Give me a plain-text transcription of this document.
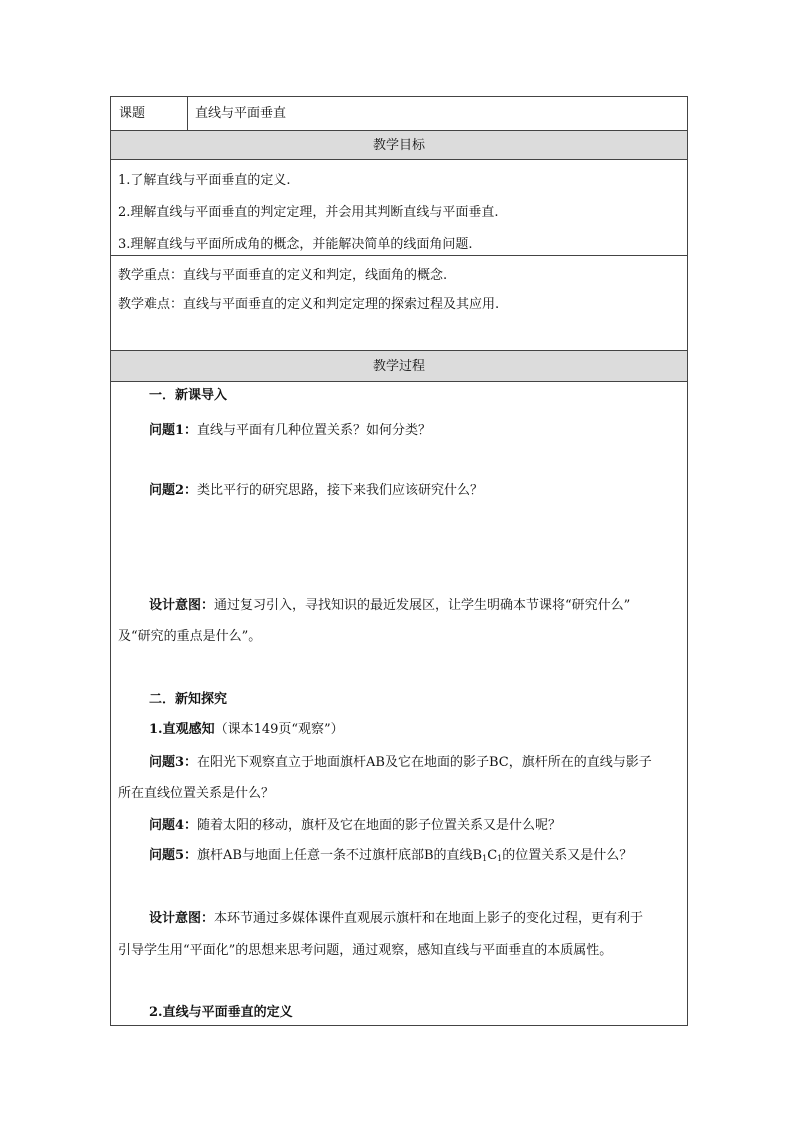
课题	直线与平面垂直
教学目标
1.了解直线与平面垂直的定义.
2.理解直线与平面垂直的判定定理，并会用其判断直线与平面垂直.
3.理解直线与平面所成角的概念，并能解决简单的线面角问题.
教学重点：直线与平面垂直的定义和判定，线面角的概念.
教学难点：直线与平面垂直的定义和判定定理的探索过程及其应用.
教学过程
一．新课导入
问题1：直线与平面有几种位置关系？如何分类？
问题2：类比平行的研究思路，接下来我们应该研究什么？
设计意图：通过复习引入，寻找知识的最近发展区，让学生明确本节课将“研究什么”
及“研究的重点是什么”。
二．新知探究
1.直观感知（课本149页“观察”）
问题3：在阳光下观察直立于地面旗杆AB及它在地面的影子BC，旗杆所在的直线与影子
所在直线位置关系是什么？
问题4：随着太阳的移动，旗杆及它在地面的影子位置关系又是什么呢？
问题5：旗杆AB与地面上任意一条不过旗杆底部B的直线$B_1C_1$的位置关系又是什么？
设计意图：本环节通过多媒体课件直观展示旗杆和在地面上影子的变化过程，更有利于
引导学生用“平面化”的思想来思考问题，通过观察，感知直线与平面垂直的本质属性。
2.直线与平面垂直的定义
